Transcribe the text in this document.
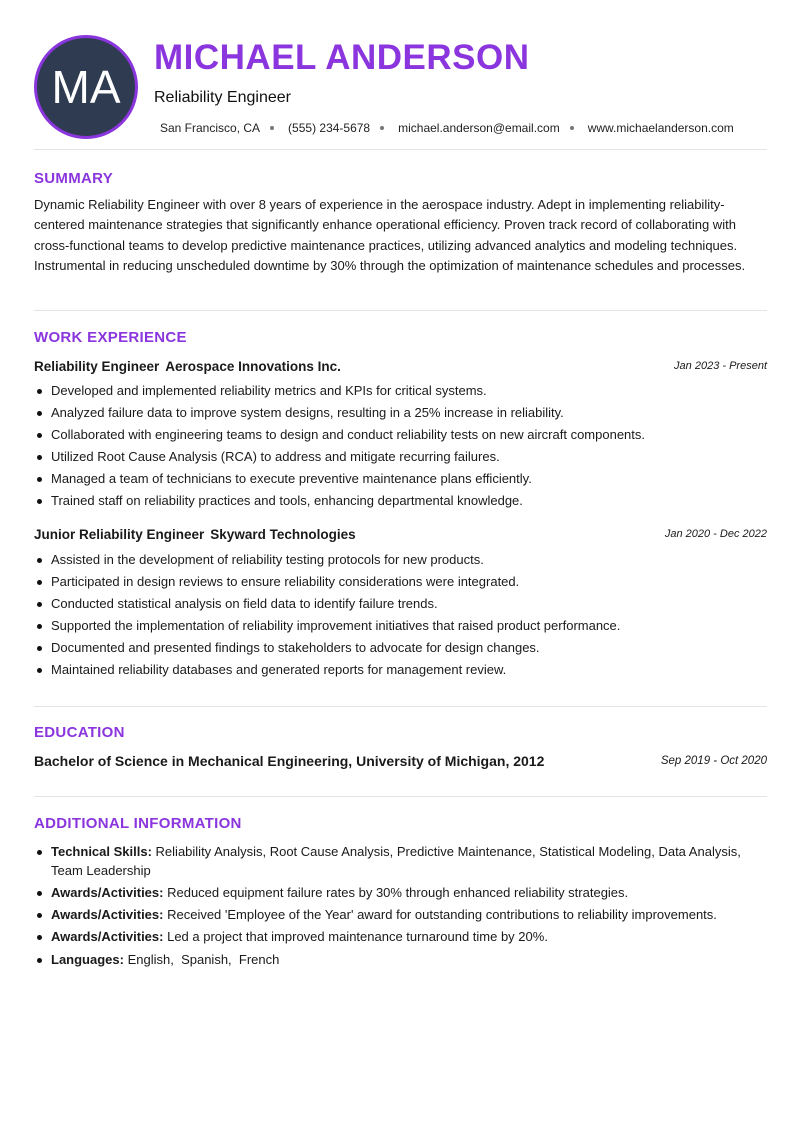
MA
MICHAEL ANDERSON
Reliability Engineer
San Francisco, CA (555) 234-5678 michael.anderson@email.com www.michaelanderson.com
SUMMARY
Dynamic Reliability Engineer with over 8 years of experience in the aerospace industry. Adept in implementing reliability-centered maintenance strategies that significantly enhance operational efficiency. Proven track record of collaborating with cross-functional teams to develop predictive maintenance practices, utilizing advanced analytics and modeling techniques. Instrumental in reducing unscheduled downtime by 30% through the optimization of maintenance schedules and processes.
WORK EXPERIENCE
Reliability Engineer Aerospace Innovations Inc.	Jan 2023 - Present
Developed and implemented reliability metrics and KPIs for critical systems.
Analyzed failure data to improve system designs, resulting in a 25% increase in reliability.
Collaborated with engineering teams to design and conduct reliability tests on new aircraft components.
Utilized Root Cause Analysis (RCA) to address and mitigate recurring failures.
Managed a team of technicians to execute preventive maintenance plans efficiently.
Trained staff on reliability practices and tools, enhancing departmental knowledge.
Junior Reliability Engineer Skyward Technologies	Jan 2020 - Dec 2022
Assisted in the development of reliability testing protocols for new products.
Participated in design reviews to ensure reliability considerations were integrated.
Conducted statistical analysis on field data to identify failure trends.
Supported the implementation of reliability improvement initiatives that raised product performance.
Documented and presented findings to stakeholders to advocate for design changes.
Maintained reliability databases and generated reports for management review.
EDUCATION
Bachelor of Science in Mechanical Engineering, University of Michigan, 2012	Sep 2019 - Oct 2020
ADDITIONAL INFORMATION
Technical Skills: Reliability Analysis, Root Cause Analysis, Predictive Maintenance, Statistical Modeling, Data Analysis, Team Leadership
Awards/Activities: Reduced equipment failure rates by 30% through enhanced reliability strategies.
Awards/Activities: Received 'Employee of the Year' award for outstanding contributions to reliability improvements.
Awards/Activities: Led a project that improved maintenance turnaround time by 20%.
Languages: English,  Spanish,  French
